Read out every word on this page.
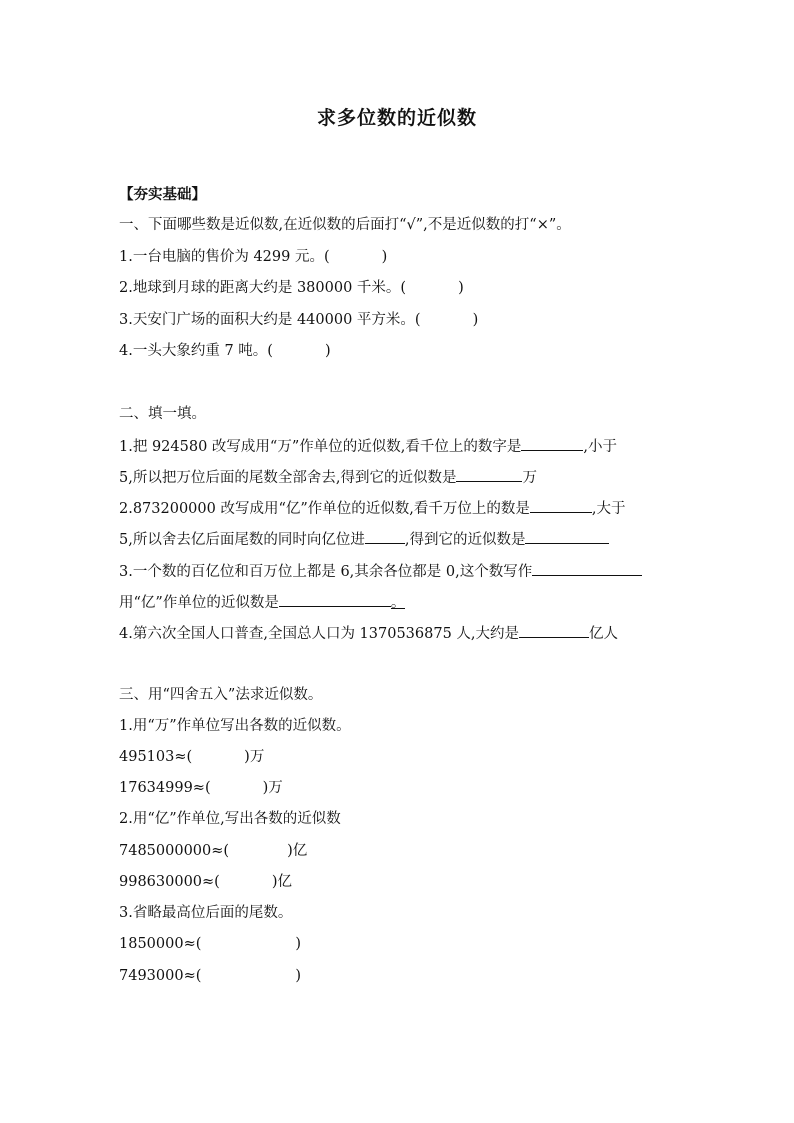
求多位数的近似数
【夯实基础】
一、下面哪些数是近似数,在近似数的后面打“√”,不是近似数的打“×”。
1.一台电脑的售价为 4299 元。(	)
2.地球到月球的距离大约是 380000 千米。(	)
3.天安门广场的面积大约是 440000 平方米。(	)
4.一头大象约重 7 吨。(	)
二、填一填。
1.把 924580 改写成用“万”作单位的近似数,看千位上的数字是	,小于
5,所以把万位后面的尾数全部舍去,得到它的近似数是	万
2.873200000 改写成用“亿”作单位的近似数,看千万位上的数是	,大于
5,所以舍去亿后面尾数的同时向亿位进	,得到它的近似数是
3.一个数的百亿位和百万位上都是 6,其余各位都是 0,这个数写作
用“亿”作单位的近似数是	。
4.第六次全国人口普查,全国总人口为 1370536875 人,大约是	亿人
三、用“四舍五入”法求近似数。
1.用“万”作单位写出各数的近似数。
495103≈(	)万
17634999≈(	)万
2.用“亿”作单位,写出各数的近似数
7485000000≈(	)亿
998630000≈(	)亿
3.省略最高位后面的尾数。
1850000≈(	)
7493000≈(	)
